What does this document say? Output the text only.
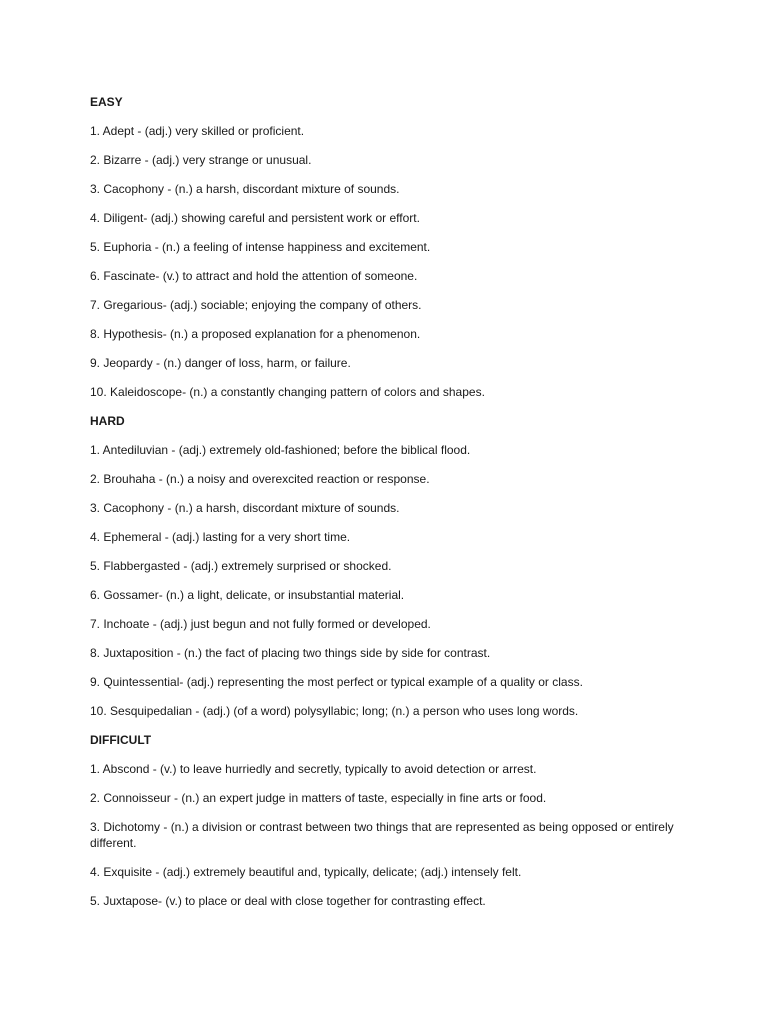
EASY
1. Adept - (adj.) very skilled or proficient.
2. Bizarre - (adj.) very strange or unusual.
3. Cacophony - (n.) a harsh, discordant mixture of sounds.
4. Diligent- (adj.) showing careful and persistent work or effort.
5. Euphoria - (n.) a feeling of intense happiness and excitement.
6. Fascinate- (v.) to attract and hold the attention of someone.
7. Gregarious- (adj.) sociable; enjoying the company of others.
8. Hypothesis- (n.) a proposed explanation for a phenomenon.
9. Jeopardy - (n.) danger of loss, harm, or failure.
10. Kaleidoscope- (n.) a constantly changing pattern of colors and shapes.
HARD
1. Antediluvian - (adj.) extremely old-fashioned; before the biblical flood.
2. Brouhaha - (n.) a noisy and overexcited reaction or response.
3. Cacophony - (n.) a harsh, discordant mixture of sounds.
4. Ephemeral - (adj.) lasting for a very short time.
5. Flabbergasted - (adj.) extremely surprised or shocked.
6. Gossamer- (n.) a light, delicate, or insubstantial material.
7. Inchoate - (adj.) just begun and not fully formed or developed.
8. Juxtaposition - (n.) the fact of placing two things side by side for contrast.
9. Quintessential- (adj.) representing the most perfect or typical example of a quality or class.
10. Sesquipedalian - (adj.) (of a word) polysyllabic; long; (n.) a person who uses long words.
DIFFICULT
1. Abscond - (v.) to leave hurriedly and secretly, typically to avoid detection or arrest.
2. Connoisseur - (n.) an expert judge in matters of taste, especially in fine arts or food.
3. Dichotomy - (n.) a division or contrast between two things that are represented as being opposed or entirely different.
4. Exquisite - (adj.) extremely beautiful and, typically, delicate; (adj.) intensely felt.
5. Juxtapose- (v.) to place or deal with close together for contrasting effect.
